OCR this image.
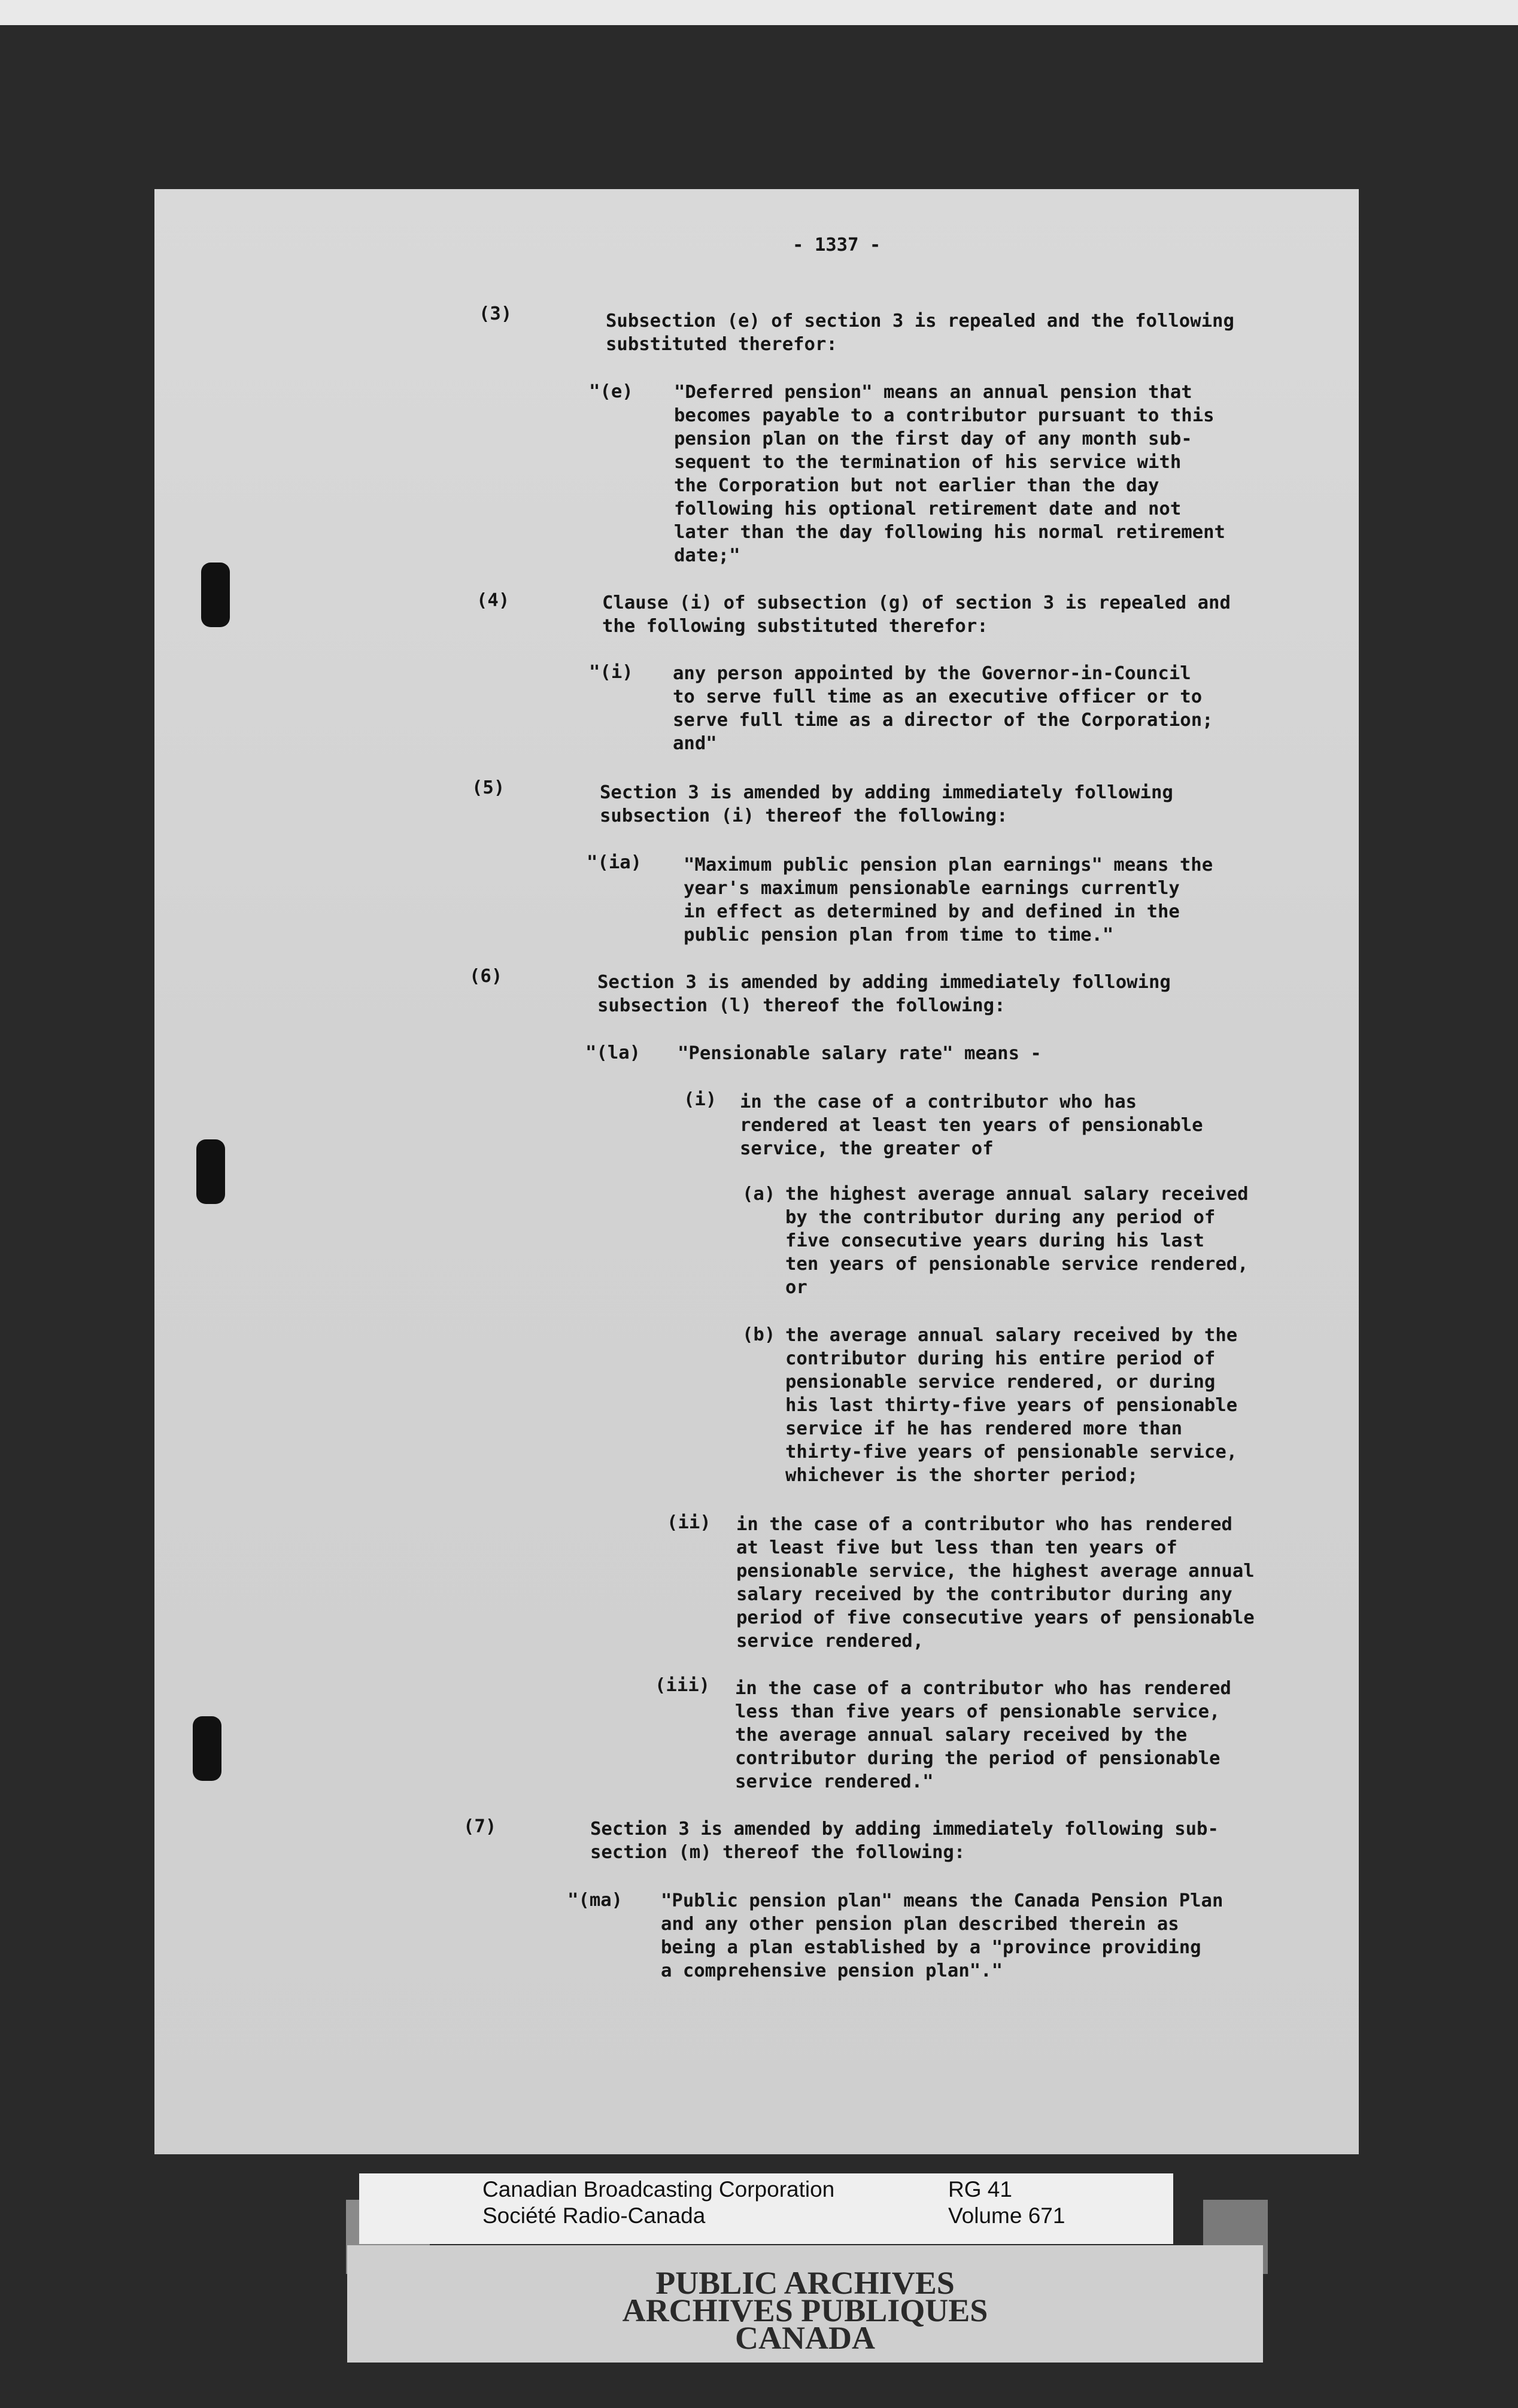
- 1337 -

(3)	Subsection (e) of section 3 is repealed and the following

substituted therefor:

"(e) "Deferred pension" means an annual pension that

becomes payable to a contributor pursuant to this

pension plan on the first day of any month sub-

sequent to the termination of his service with

the Corporation but not earlier than the day

following his optional retirement date and not

later than the day following his normal retirement

date;"

(4)	Clause (i) of subsection (g) of section 3 is repealed and

the following substituted therefor:

"(i) any person appointed by the Governor-in-Council

to serve full time as an executive officer or to

serve full time as a director of the Corporation;

and"

(5)	Section 3 is amended by adding immediately following

subsection (i) thereof the following:

"(ia) "Maximum public pension plan earnings" means the

year's maximum pensionable earnings currently

in effect as determined by and defined in the

public pension plan from time to time."

(6)	Section 3 is amended by adding immediately following

subsection (l) thereof the following:

"(la) "Pensionable salary rate" means -

(i) in the case of a contributor who has

rendered at least ten years of pensionable

service, the greater of

(a) the highest average annual salary received

by the contributor during any period of

five consecutive years during his last

ten years of pensionable service rendered,

or

(b) the average annual salary received by the

contributor during his entire period of

pensionable service rendered, or during

his last thirty-five years of pensionable

service if he has rendered more than

thirty-five years of pensionable service,

whichever is the shorter period;

(ii) in the case of a contributor who has rendered

at least five but less than ten years of

pensionable service, the highest average annual

salary received by the contributor during any

period of five consecutive years of pensionable

service rendered,

(iii) in the case of a contributor who has rendered

less than five years of pensionable service,

the average annual salary received by the

contributor during the period of pensionable

service rendered."

(7)	Section 3 is amended by adding immediately following sub-

section (m) thereof the following:

"(ma) "Public pension plan" means the Canada Pension Plan

and any other pension plan described therein as

being a plan established by a "province providing

a comprehensive pension plan"."

Canadian Broadcasting Corporation

Société Radio-Canada

RG 41

Volume 671

PUBLIC ARCHIVES

ARCHIVES PUBLIQUES

CANADA
